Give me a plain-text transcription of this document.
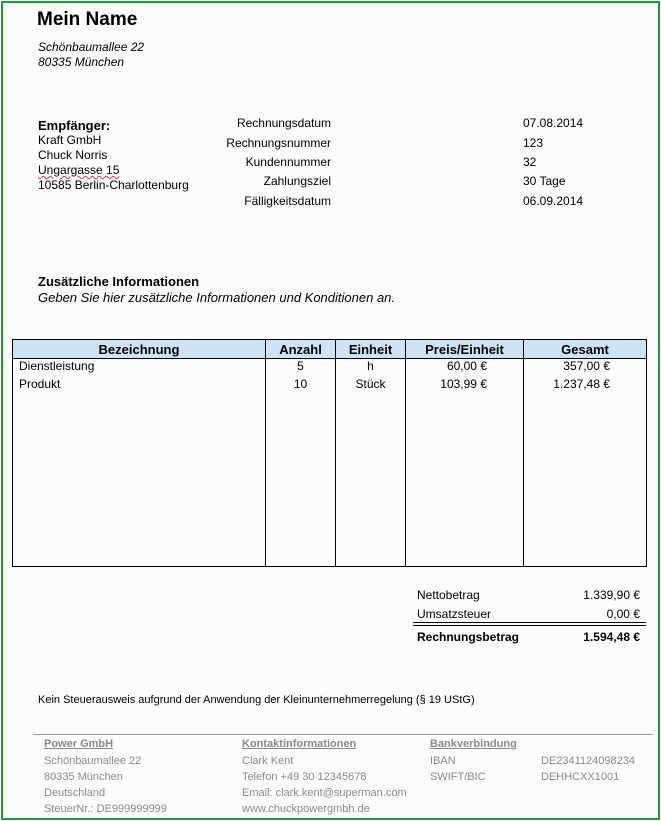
Mein Name
Schönbaumallee 22
80335 München
Empfänger:
Kraft GmbH
Chuck Norris
Ungargasse 15
10585 Berlin-Charlottenburg
Rechnungsdatum	07.08.2014
Rechnungsnummer	123
Kundennummer	32
Zahlungsziel	30 Tage
Fälligkeitsdatum	06.09.2014
Zusätzliche Informationen
Geben Sie hier zusätzliche Informationen und Konditionen an.
Bezeichnung	Anzahl	Einheit	Preis/Einheit	Gesamt
Dienstleistung	5	h	60,00 €	357,00 €
Produkt	10	Stück	103,99 €	1.237,48 €

Nettobetrag	1.339,90 €
Umsatzsteuer	0,00 €
Rechnungsbetrag	1.594,48 €
Kein Steuerausweis aufgrund der Anwendung der Kleinunternehmerregelung (§ 19 UStG)
Power GmbH
Schönbaumallee 22
80335 München
Deutschland
SteuerNr.: DE999999999
Kontaktinformationen
Clark Kent
Telefon +49 30 12345678
Email: clark.kent@superman.com
www.chuckpowergmbh.de
Bankverbindung
IBAN	DE2341124098234
SWIFT/BIC	DEHHCXX1001
